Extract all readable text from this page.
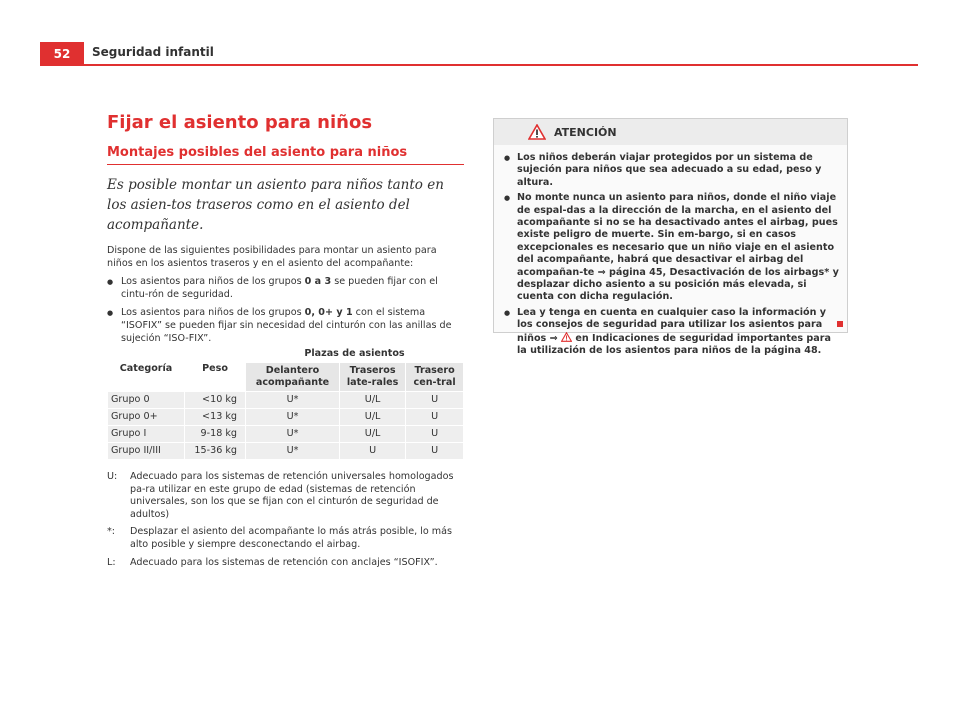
52	Seguridad infantil
Fijar el asiento para niños
Montajes posibles del asiento para niños

Es posible montar un asiento para niños tanto en los asien-tos traseros como en el asiento del acompañante.

Dispone de las siguientes posibilidades para montar un asiento para niños en los asientos traseros y en el asiento del acompañante:

● Los asientos para niños de los grupos 0 a 3 se pueden fijar con el cintu-rón de seguridad.
● Los asientos para niños de los grupos 0, 0+ y 1 con el sistema “ISOFIX” se pueden fijar sin necesidad del cinturón con las anillas de sujeción “ISO-FIX”.
Categoría	Peso	Plazas de asientos		
		Delantero acompañante	Traseros late-rales	Trasero cen-tral
Grupo 0	<10 kg	U*	U/L	U
Grupo 0+	<13 kg	U*	U/L	U
Grupo I	9-18 kg	U*	U/L	U
Grupo II/III	15-36 kg	U*	U	U
U: Adecuado para los sistemas de retención universales homologados pa-ra utilizar en este grupo de edad (sistemas de retención universales, son los que se fijan con el cinturón de seguridad de adultos)
*: Desplazar el asiento del acompañante lo más atrás posible, lo más alto posible y siempre desconectando el airbag.
L: Adecuado para los sistemas de retención con anclajes “ISOFIX”.
ATENCIÓN
● Los niños deberán viajar protegidos por un sistema de sujeción para niños que sea adecuado a su edad, peso y altura.
● No monte nunca un asiento para niños, donde el niño viaje de espal-das a la dirección de la marcha, en el asiento del acompañante si no se ha desactivado antes el airbag, pues existe peligro de muerte. Sin em-bargo, si en casos excepcionales es necesario que un niño viaje en el asiento del acompañante, habrá que desactivar el airbag del acompañan-te ⇒ página 45, Desactivación de los airbags* y desplazar dicho asiento a su posición más elevada, si cuenta con dicha regulación.
● Lea y tenga en cuenta en cualquier caso la información y los consejos de seguridad para utilizar los asientos para niños ⇒  en Indicaciones de seguridad importantes para la utilización de los asientos para niños de la página 48.
